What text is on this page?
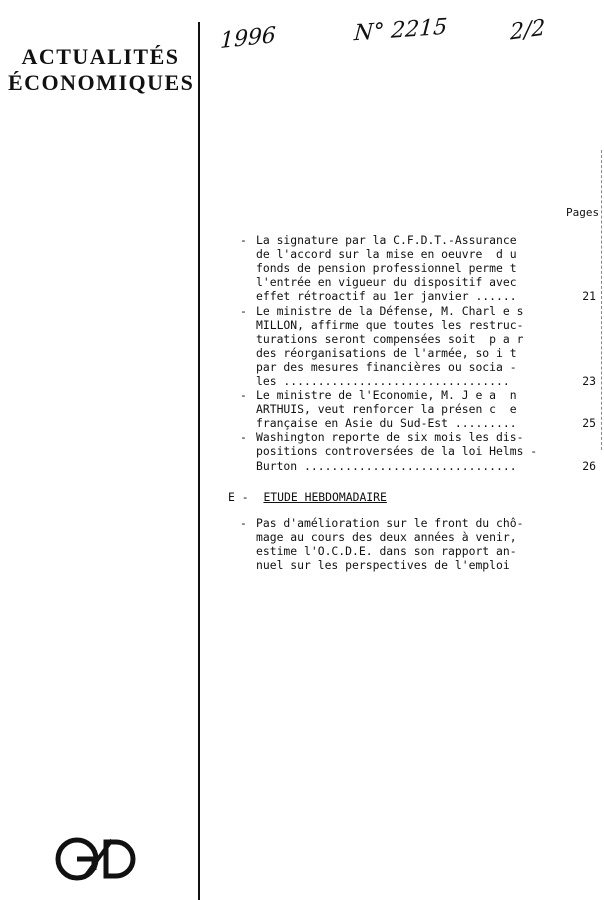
ACTUALITÉS
ÉCONOMIQUES
1996	N° 2215	2/2
Pages
- La signature par la C.F.D.T.-Assurance
de l'accord sur la mise en oeuvre  d u
fonds de pension professionnel perme t
l'entrée en vigueur du dispositif avec
effet rétroactif au 1er janvier ......	21
- Le ministre de la Défense, M. Charl e s
MILLON, affirme que toutes les restruc-
turations seront compensées soit  p a r
des réorganisations de l'armée, so i t
par des mesures financières ou socia -
les .................................	23
- Le ministre de l'Economie, M. J e a  n
ARTHUIS, veut renforcer la présen c  e
française en Asie du Sud-Est .........	25
- Washington reporte de six mois les dis-
positions controversées de la loi Helms -
Burton ...............................	26
E - ETUDE HEBDOMADAIRE
- Pas d'amélioration sur le front du chô-
mage au cours des deux années à venir,
estime l'O.C.D.E. dans son rapport an-
nuel sur les perspectives de l'emploi
